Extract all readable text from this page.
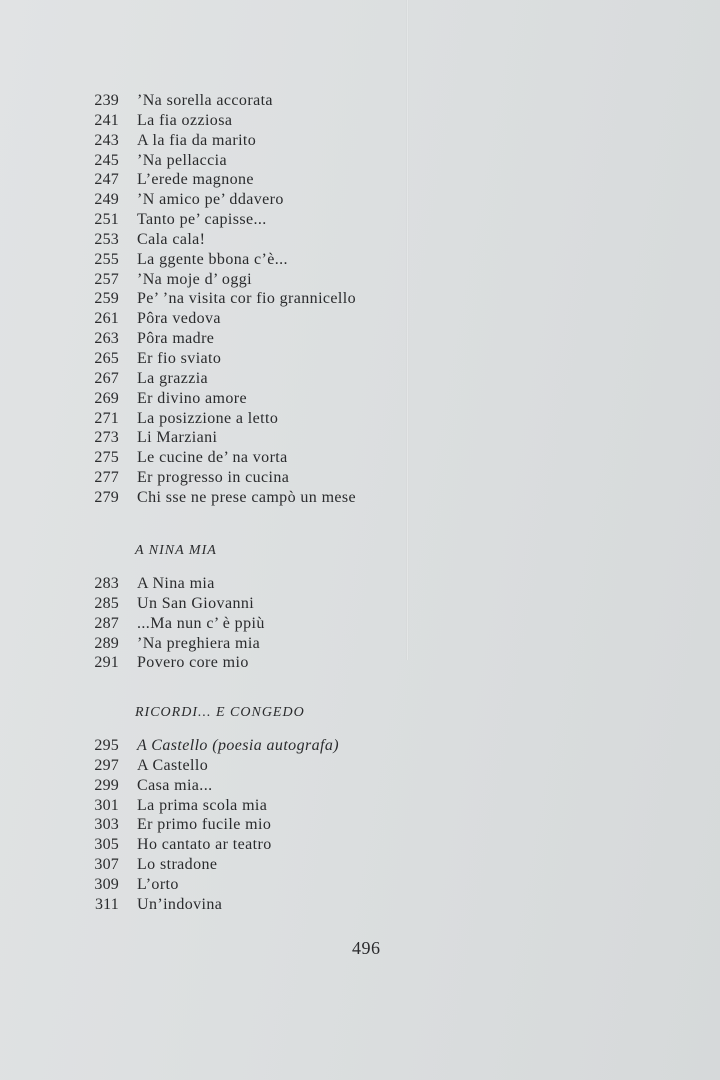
239 ’Na sorella accorata
241 La fia ozziosa
243 A la fia da marito
245 ’Na pellaccia
247 L’erede magnone
249 ’N amico pe’ ddavero
251 Tanto pe’ capisse...
253 Cala cala!
255 La ggente bbona c’è...
257 ’Na moje d’ oggi
259 Pe’ ’na visita cor fio grannicello
261 Pôra vedova
263 Pôra madre
265 Er fio sviato
267 La grazzia
269 Er divino amore
271 La posizzione a letto
273 Li Marziani
275 Le cucine de’ na vorta
277 Er progresso in cucina
279 Chi sse ne prese campò un mese
A NINA MIA
283 A Nina mia
285 Un San Giovanni
287 ...Ma nun c’ è ppiù
289 ’Na preghiera mia
291 Povero core mio
RICORDI... E CONGEDO
295 A Castello (poesia autografa)
297 A Castello
299 Casa mia...
301 La prima scola mia
303 Er primo fucile mio
305 Ho cantato ar teatro
307 Lo stradone
309 L’orto
311 Un’indovina
496
